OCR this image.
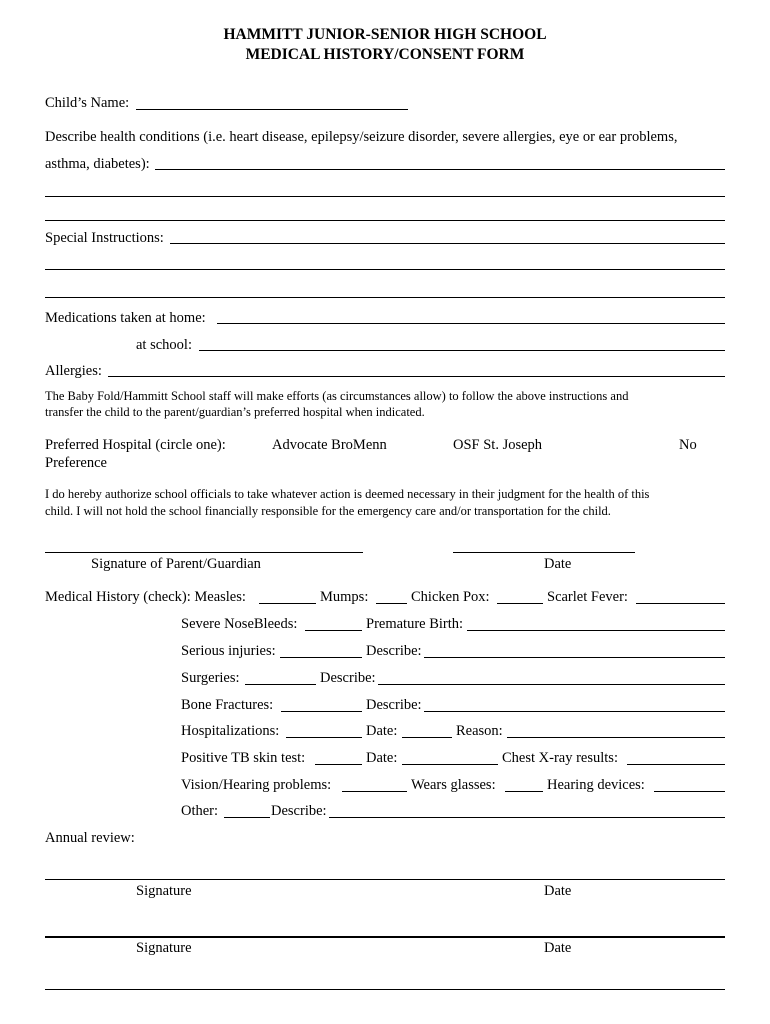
HAMMITT JUNIOR-SENIOR HIGH SCHOOL
MEDICAL HISTORY/CONSENT FORM
Child’s Name:
Describe health conditions (i.e. heart disease, epilepsy/seizure disorder, severe allergies, eye or ear problems,
asthma, diabetes):
Special Instructions:
Medications taken at home:
at school:
Allergies:
The Baby Fold/Hammitt School staff will make efforts (as circumstances allow) to follow the above instructions and
transfer the child to the parent/guardian’s preferred hospital when indicated.
Preferred Hospital (circle one):	Advocate BroMenn	OSF St. Joseph	No
Preference
I do hereby authorize school officials to take whatever action is deemed necessary in their judgment for the health of this
child. I will not hold the school financially responsible for the emergency care and/or transportation for the child.
Signature of Parent/Guardian	Date
Medical History (check): Measles:	Mumps:	Chicken Pox:	Scarlet Fever:
Severe NoseBleeds:	Premature Birth:
Serious injuries:	Describe:
Surgeries:	Describe:
Bone Fractures:	Describe:
Hospitalizations:	Date:	Reason:
Positive TB skin test:	Date:	Chest X-ray results:
Vision/Hearing problems:	Wears glasses:	Hearing devices:
Other:	Describe:
Annual review:
Signature	Date
Signature	Date
